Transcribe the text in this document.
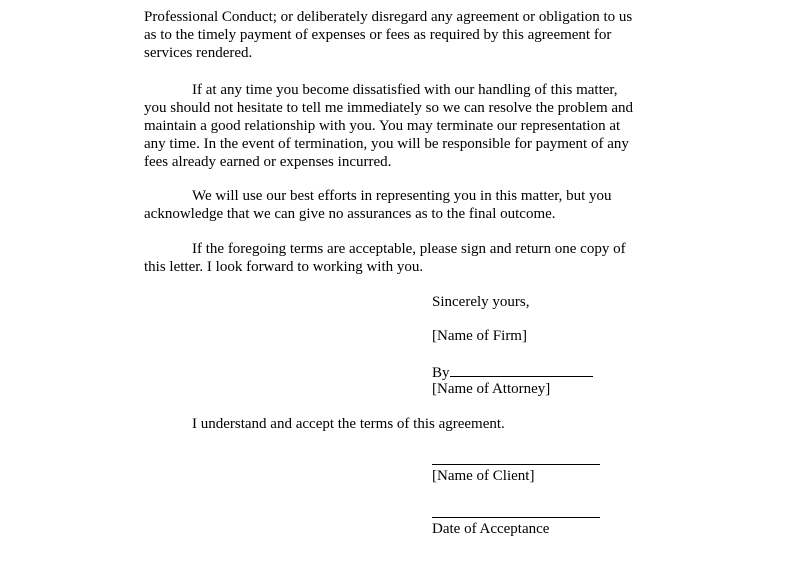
Professional Conduct; or deliberately disregard any agreement or obligation to us
as to the timely payment of expenses or fees as required by this agreement for
services rendered.

If at any time you become dissatisfied with our handling of this matter,
you should not hesitate to tell me immediately so we can resolve the problem and
maintain a good relationship with you. You may terminate our representation at
any time. In the event of termination, you will be responsible for payment of any
fees already earned or expenses incurred.

We will use our best efforts in representing you in this matter, but you
acknowledge that we can give no assurances as to the final outcome.

If the foregoing terms are acceptable, please sign and return one copy of
this letter. I look forward to working with you.

Sincerely yours,

[Name of Firm]

By

[Name of Attorney]

I understand and accept the terms of this agreement.

[Name of Client]

Date of Acceptance
